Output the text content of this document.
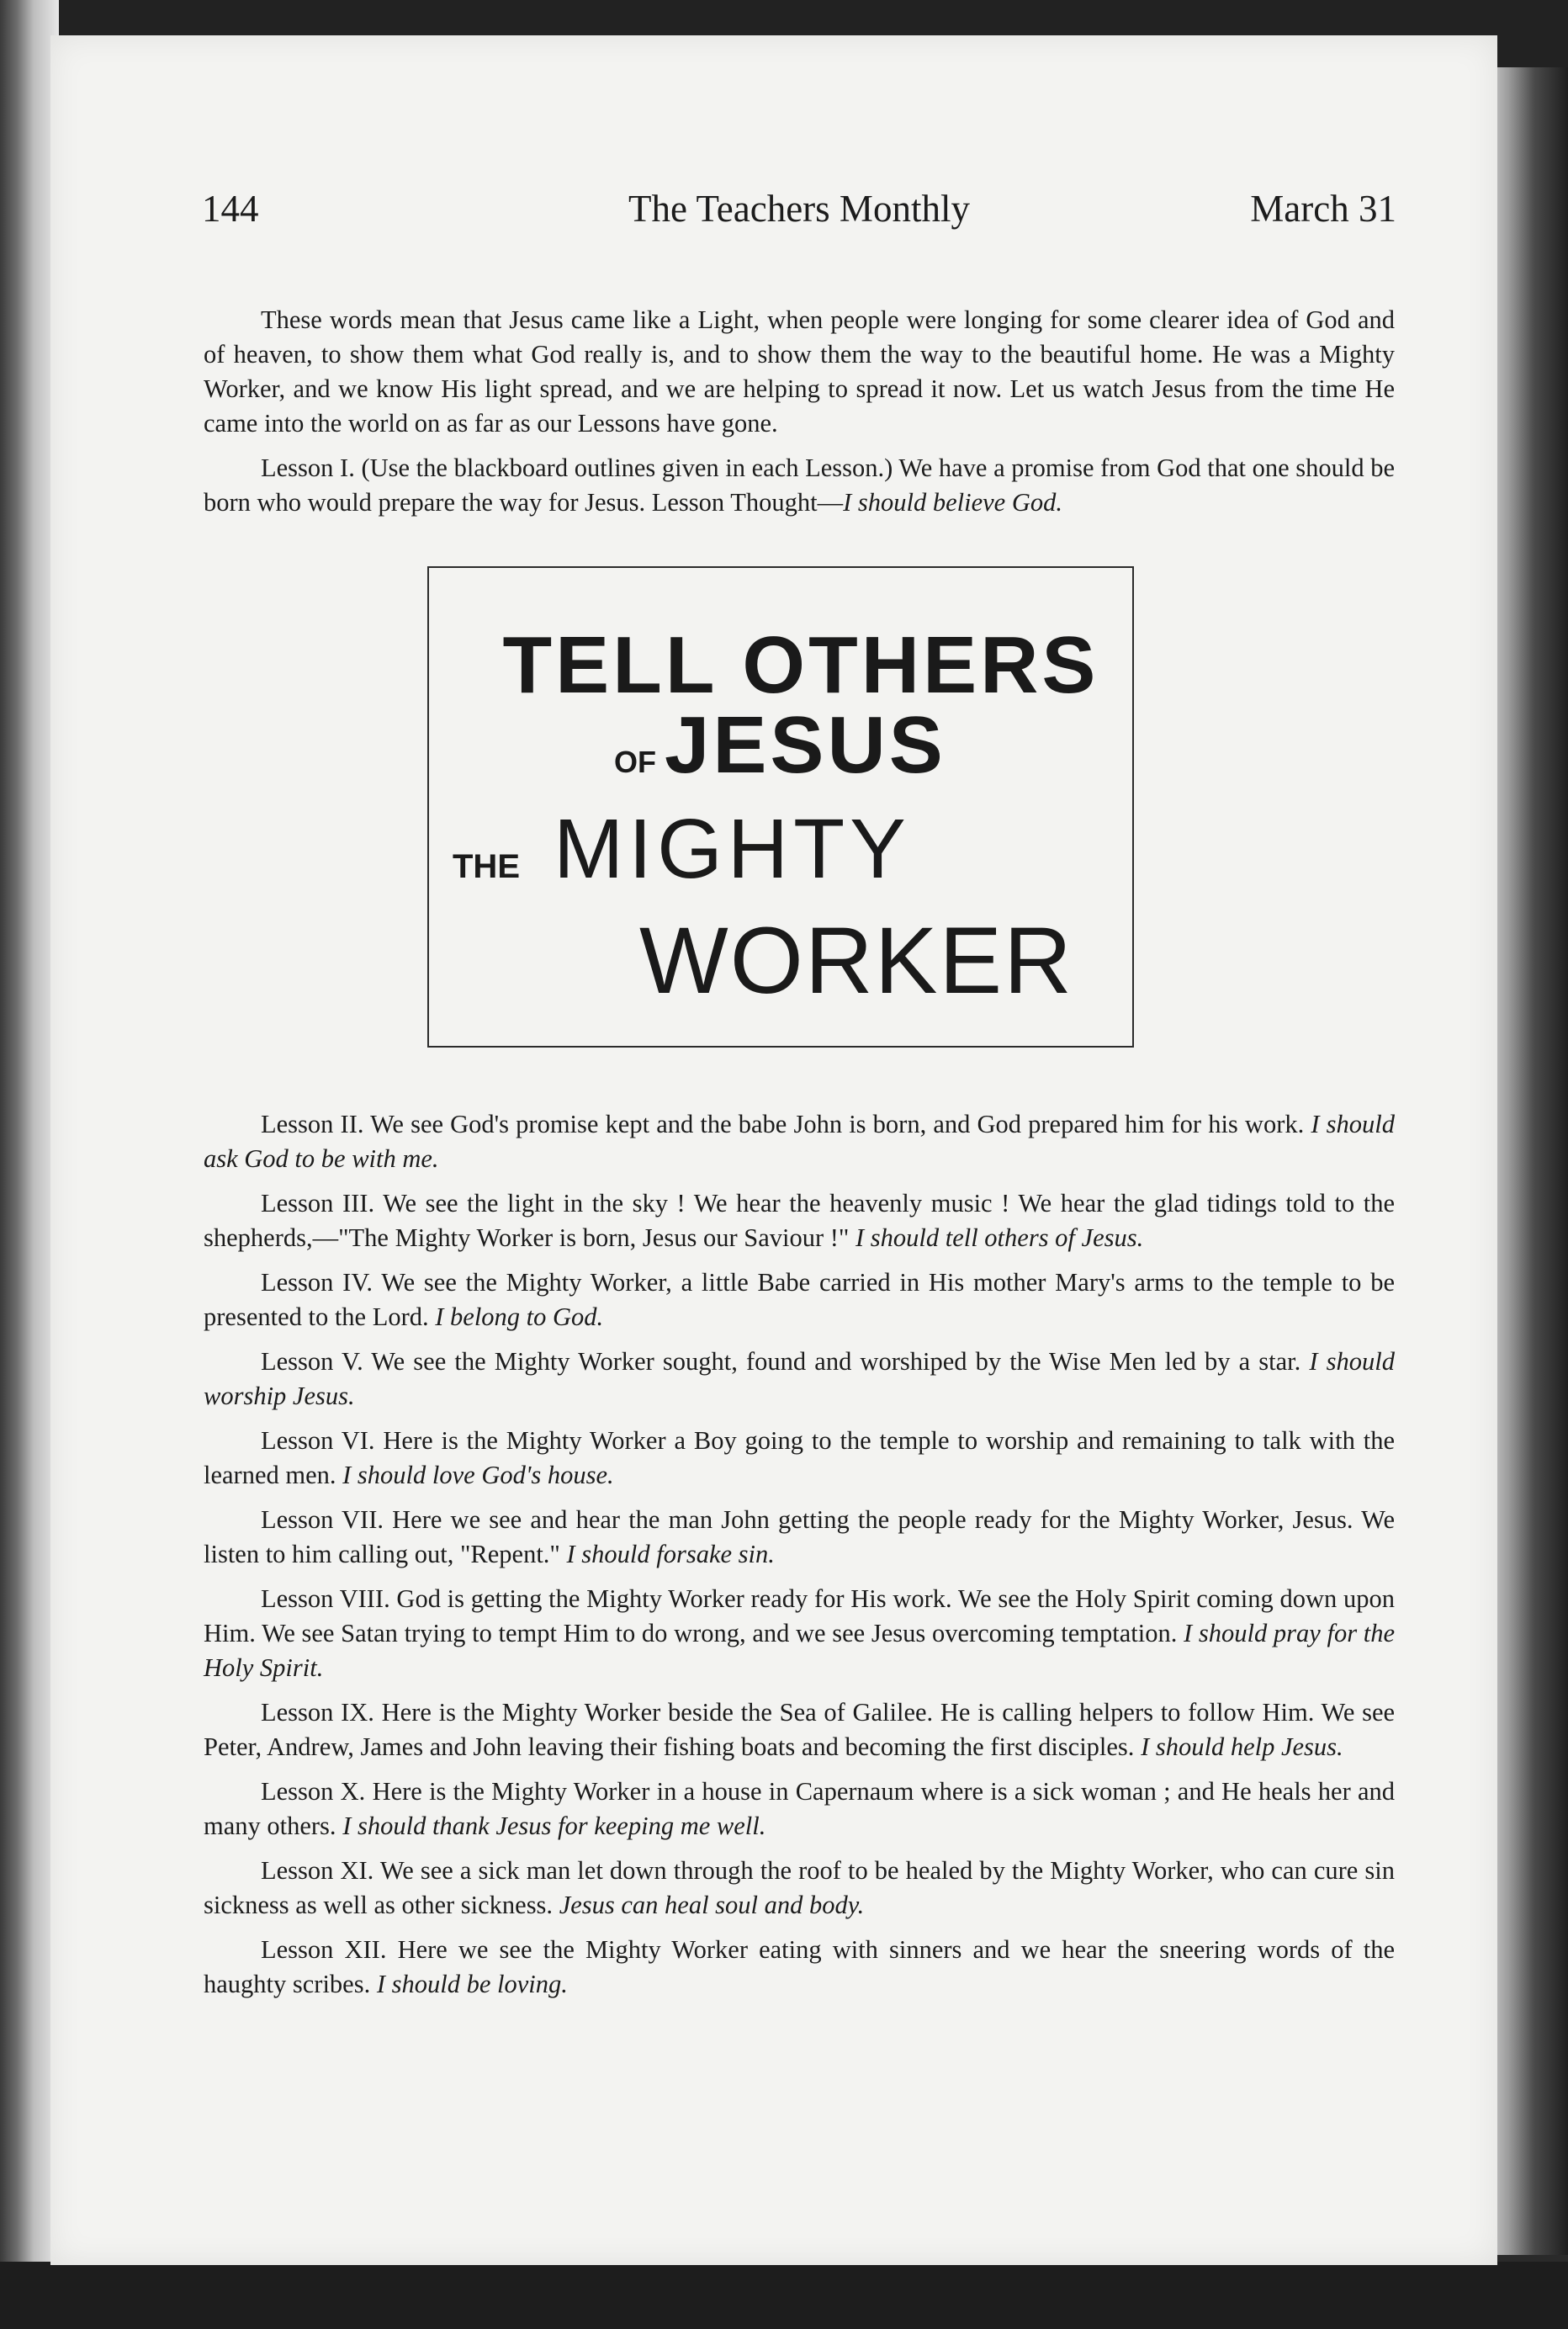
144	The Teachers Monthly	March 31

These words mean that Jesus came like a Light, when people were longing for some clearer idea of God and of heaven, to show them what God really is, and to show them the way to the beautiful home. He was a Mighty Worker, and we know His light spread, and we are helping to spread it now. Let us watch Jesus from the time He came into the world on as far as our Lessons have gone.

Lesson I. (Use the blackboard outlines given in each Lesson.) We have a promise from God that one should be born who would prepare the way for Jesus. Lesson Thought—I should believe God.

TELL OTHERS
OF JESUS
THE MIGHTY
WORKER

Lesson II. We see God's promise kept and the babe John is born, and God prepared him for his work. I should ask God to be with me.

Lesson III. We see the light in the sky ! We hear the heavenly music ! We hear the glad tidings told to the shepherds,—"The Mighty Worker is born, Jesus our Saviour !" I should tell others of Jesus.

Lesson IV. We see the Mighty Worker, a little Babe carried in His mother Mary's arms to the temple to be presented to the Lord. I belong to God.

Lesson V. We see the Mighty Worker sought, found and worshiped by the Wise Men led by a star. I should worship Jesus.

Lesson VI. Here is the Mighty Worker a Boy going to the temple to worship and remaining to talk with the learned men. I should love God's house.

Lesson VII. Here we see and hear the man John getting the people ready for the Mighty Worker, Jesus. We listen to him calling out, "Repent." I should forsake sin.

Lesson VIII. God is getting the Mighty Worker ready for His work. We see the Holy Spirit coming down upon Him. We see Satan trying to tempt Him to do wrong, and we see Jesus overcoming temptation. I should pray for the Holy Spirit.

Lesson IX. Here is the Mighty Worker beside the Sea of Galilee. He is calling helpers to follow Him. We see Peter, Andrew, James and John leaving their fishing boats and becoming the first disciples. I should help Jesus.

Lesson X. Here is the Mighty Worker in a house in Capernaum where is a sick woman ; and He heals her and many others. I should thank Jesus for keeping me well.

Lesson XI. We see a sick man let down through the roof to be healed by the Mighty Worker, who can cure sin sickness as well as other sickness. Jesus can heal soul and body.

Lesson XII. Here we see the Mighty Worker eating with sinners and we hear the sneering words of the haughty scribes. I should be loving.
